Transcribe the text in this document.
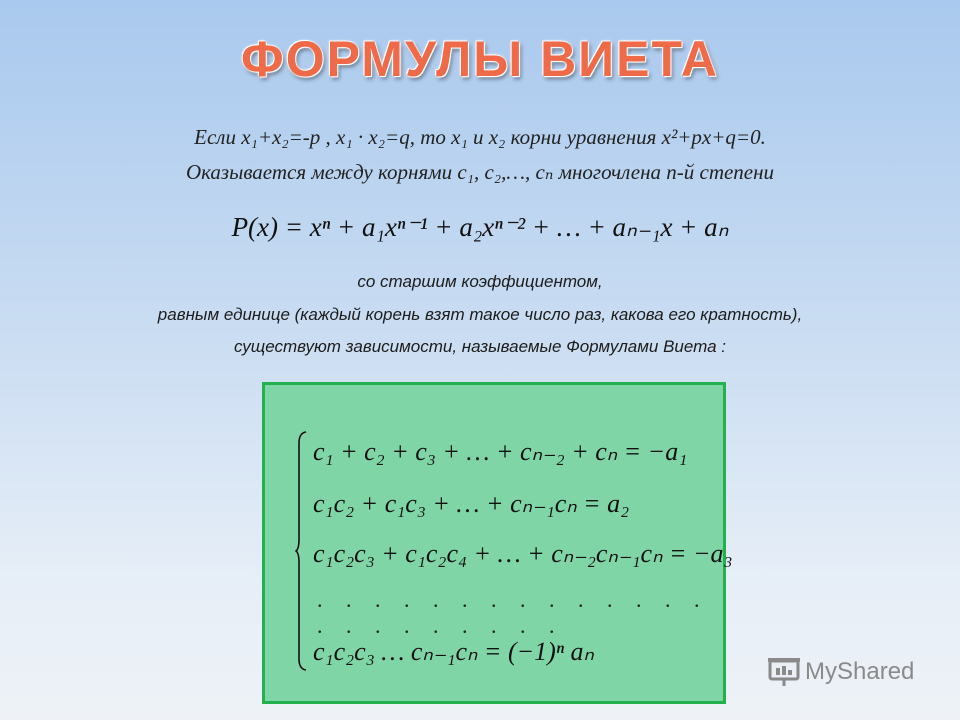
ФОРМУЛЫ ВИЕТА
Если x₁+x₂=-p , x₁ · x₂=q, то x₁ и x₂ корни уравнения x²+px+q=0.
Оказывается между корнями c₁, c₂,…, cₙ многочлена n-й степени
P(x) = xⁿ + a₁xⁿ⁻¹ + a₂xⁿ⁻² + … + aₙ₋₁x + aₙ
со старшим коэффициентом,
равным единице (каждый корень взят такое число раз, какова его кратность),
существуют зависимости, называемые Формулами Виета :
c₁ + c₂ + c₃ + … + cₙ₋₂ + cₙ = −a₁
c₁c₂ + c₁c₃ + … + cₙ₋₁cₙ = a₂
c₁c₂c₃ + c₁c₂c₄ + … + cₙ₋₂cₙ₋₁cₙ = −a₃
. . . . . . . . . . . . . . . . . . . . . . .
c₁c₂c₃ … cₙ₋₁cₙ = (−1)ⁿ aₙ
MyShared
